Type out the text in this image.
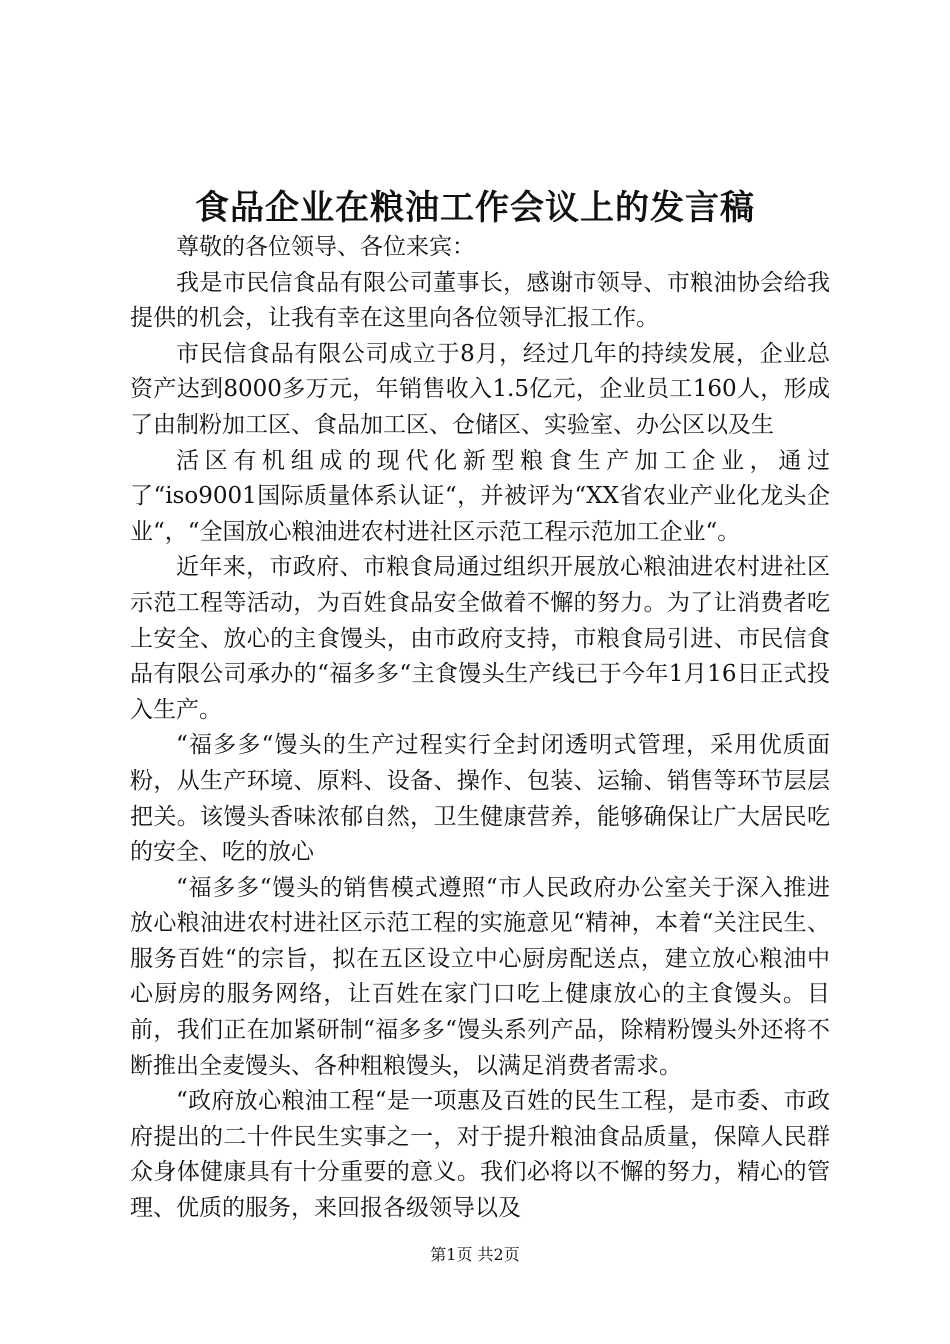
食品企业在粮油工作会议上的发言稿

尊敬的各位领导、各位来宾：

我是市民信食品有限公司董事长，感谢市领导、市粮油协会给我提供的机会，让我有幸在这里向各位领导汇报工作。

市民信食品有限公司成立于8月，经过几年的持续发展，企业总资产达到8000多万元，年销售收入1.5亿元，企业员工160人，形成了由制粉加工区、食品加工区、仓储区、实验室、办公区以及生

活区有机组成的现代化新型粮食生产加工企业，通过了“iso9001国际质量体系认证“，并被评为“XX省农业产业化龙头企业“，“全国放心粮油进农村进社区示范工程示范加工企业“。

近年来，市政府、市粮食局通过组织开展放心粮油进农村进社区示范工程等活动，为百姓食品安全做着不懈的努力。为了让消费者吃上安全、放心的主食馒头，由市政府支持，市粮食局引进、市民信食品有限公司承办的“福多多“主食馒头生产线已于今年1月16日正式投入生产。

“福多多“馒头的生产过程实行全封闭透明式管理，采用优质面粉，从生产环境、原料、设备、操作、包装、运输、销售等环节层层把关。该馒头香味浓郁自然，卫生健康营养，能够确保让广大居民吃的安全、吃的放心

“福多多“馒头的销售模式遵照“市人民政府办公室关于深入推进放心粮油进农村进社区示范工程的实施意见“精神，本着“关注民生、服务百姓“的宗旨，拟在五区设立中心厨房配送点，建立放心粮油中心厨房的服务网络，让百姓在家门口吃上健康放心的主食馒头。目前，我们正在加紧研制“福多多“馒头系列产品，除精粉馒头外还将不断推出全麦馒头、各种粗粮馒头，以满足消费者需求。

“政府放心粮油工程“是一项惠及百姓的民生工程，是市委、市政府提出的二十件民生实事之一，对于提升粮油食品质量，保障人民群众身体健康具有十分重要的意义。我们必将以不懈的努力，精心的管理、优质的服务，来回报各级领导以及

第1页 共2页
